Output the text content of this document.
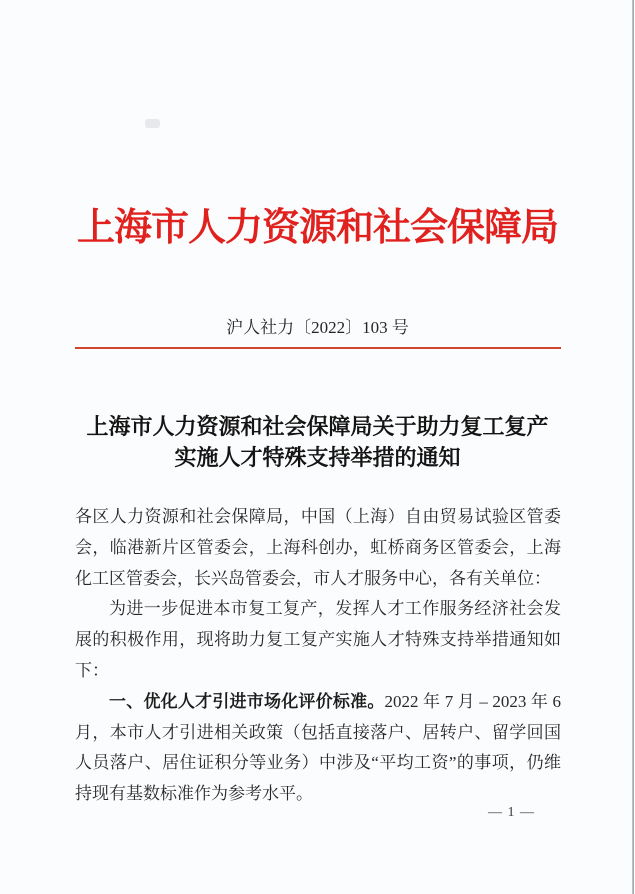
上海市人力资源和社会保障局
沪人社力〔2022〕103 号
上海市人力资源和社会保障局关于助力复工复产
实施人才特殊支持举措的通知

各区人力资源和社会保障局，中国（上海）自由贸易试验区管委会，临港新片区管委会，上海科创办，虹桥商务区管委会，上海化工区管委会，长兴岛管委会，市人才服务中心，各有关单位：

为进一步促进本市复工复产，发挥人才工作服务经济社会发展的积极作用，现将助力复工复产实施人才特殊支持举措通知如下：

一、优化人才引进市场化评价标准。2022 年 7 月 – 2023 年 6 月，本市人才引进相关政策（包括直接落户、居转户、留学回国人员落户、居住证积分等业务）中涉及“平均工资”的事项，仍维持现有基数标准作为参考水平。

— 1 —
